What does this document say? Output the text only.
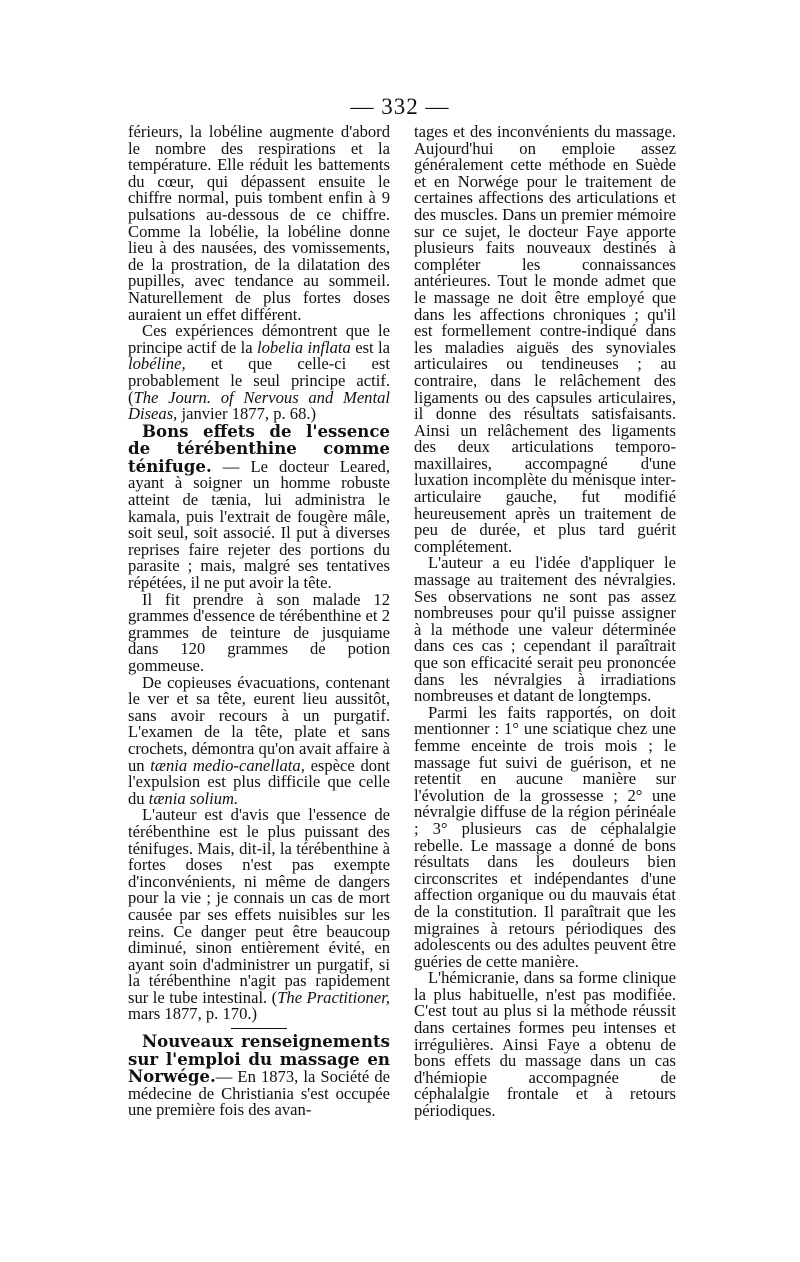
— 332 —

férieurs, la lobéline augmente d'abord le nombre des respirations et la température. Elle réduit les battements du cœur, qui dépassent ensuite le chiffre normal, puis tombent enfin à 9 pulsations au-dessous de ce chiffre. Comme la lobélie, la lobéline donne lieu à des nausées, des vomissements, de la prostration, de la dilatation des pupilles, avec tendance au sommeil. Naturellement de plus fortes doses auraient un effet différent.

Ces expériences démontrent que le principe actif de la lobelia inflata est la lobéline, et que celle-ci est probablement le seul principe actif. (The Journ. of Nervous and Mental Diseas, janvier 1877, p. 68.)

Bons effets de l'essence de térébenthine comme ténifuge. — Le docteur Leared, ayant à soigner un homme robuste atteint de tænia, lui administra le kamala, puis l'extrait de fougère mâle, soit seul, soit associé. Il put à diverses reprises faire rejeter des portions du parasite ; mais, malgré ses tentatives répétées, il ne put avoir la tête.

Il fit prendre à son malade 12 grammes d'essence de térébenthine et 2 grammes de teinture de jusquiame dans 120 grammes de potion gommeuse.

De copieuses évacuations, contenant le ver et sa tête, eurent lieu aussitôt, sans avoir recours à un purgatif. L'examen de la tête, plate et sans crochets, démontra qu'on avait affaire à un tænia medio-canellata, espèce dont l'expulsion est plus difficile que celle du tænia solium.

L'auteur est d'avis que l'essence de térébenthine est le plus puissant des ténifuges. Mais, dit-il, la térébenthine à fortes doses n'est pas exempte d'inconvénients, ni même de dangers pour la vie ; je connais un cas de mort causée par ses effets nuisibles sur les reins. Ce danger peut être beaucoup diminué, sinon entièrement évité, en ayant soin d'administrer un purgatif, si la térébenthine n'agit pas rapidement sur le tube intestinal. (The Practitioner, mars 1877, p. 170.)

Nouveaux renseignements sur l'emploi du massage en Norwége.— En 1873, la Société de médecine de Christiania s'est occupée une première fois des avan-

tages et des inconvénients du massage. Aujourd'hui on emploie assez généralement cette méthode en Suède et en Norwége pour le traitement de certaines affections des articulations et des muscles. Dans un premier mémoire sur ce sujet, le docteur Faye apporte plusieurs faits nouveaux destinés à compléter les connaissances antérieures. Tout le monde admet que le massage ne doit être employé que dans les affections chroniques ; qu'il est formellement contre-indiqué dans les maladies aiguës des synoviales articulaires ou tendineuses ; au contraire, dans le relâchement des ligaments ou des capsules articulaires, il donne des résultats satisfaisants. Ainsi un relâchement des ligaments des deux articulations temporo-maxillaires, accompagné d'une luxation incomplète du ménisque inter-articulaire gauche, fut modifié heureusement après un traitement de peu de durée, et plus tard guérit complétement.

L'auteur a eu l'idée d'appliquer le massage au traitement des névralgies. Ses observations ne sont pas assez nombreuses pour qu'il puisse assigner à la méthode une valeur déterminée dans ces cas ; cependant il paraîtrait que son efficacité serait peu prononcée dans les névralgies à irradiations nombreuses et datant de longtemps.

Parmi les faits rapportés, on doit mentionner : 1° une sciatique chez une femme enceinte de trois mois ; le massage fut suivi de guérison, et ne retentit en aucune manière sur l'évolution de la grossesse ; 2° une névralgie diffuse de la région périnéale ; 3° plusieurs cas de céphalalgie rebelle. Le massage a donné de bons résultats dans les douleurs bien circonscrites et indépendantes d'une affection organique ou du mauvais état de la constitution. Il paraîtrait que les migraines à retours périodiques des adolescents ou des adultes peuvent être guéries de cette manière.

L'hémicranie, dans sa forme clinique la plus habituelle, n'est pas modifiée. C'est tout au plus si la méthode réussit dans certaines formes peu intenses et irrégulières. Ainsi Faye a obtenu de bons effets du massage dans un cas d'hémiopie accompagnée de céphalalgie frontale et à retours périodiques.
